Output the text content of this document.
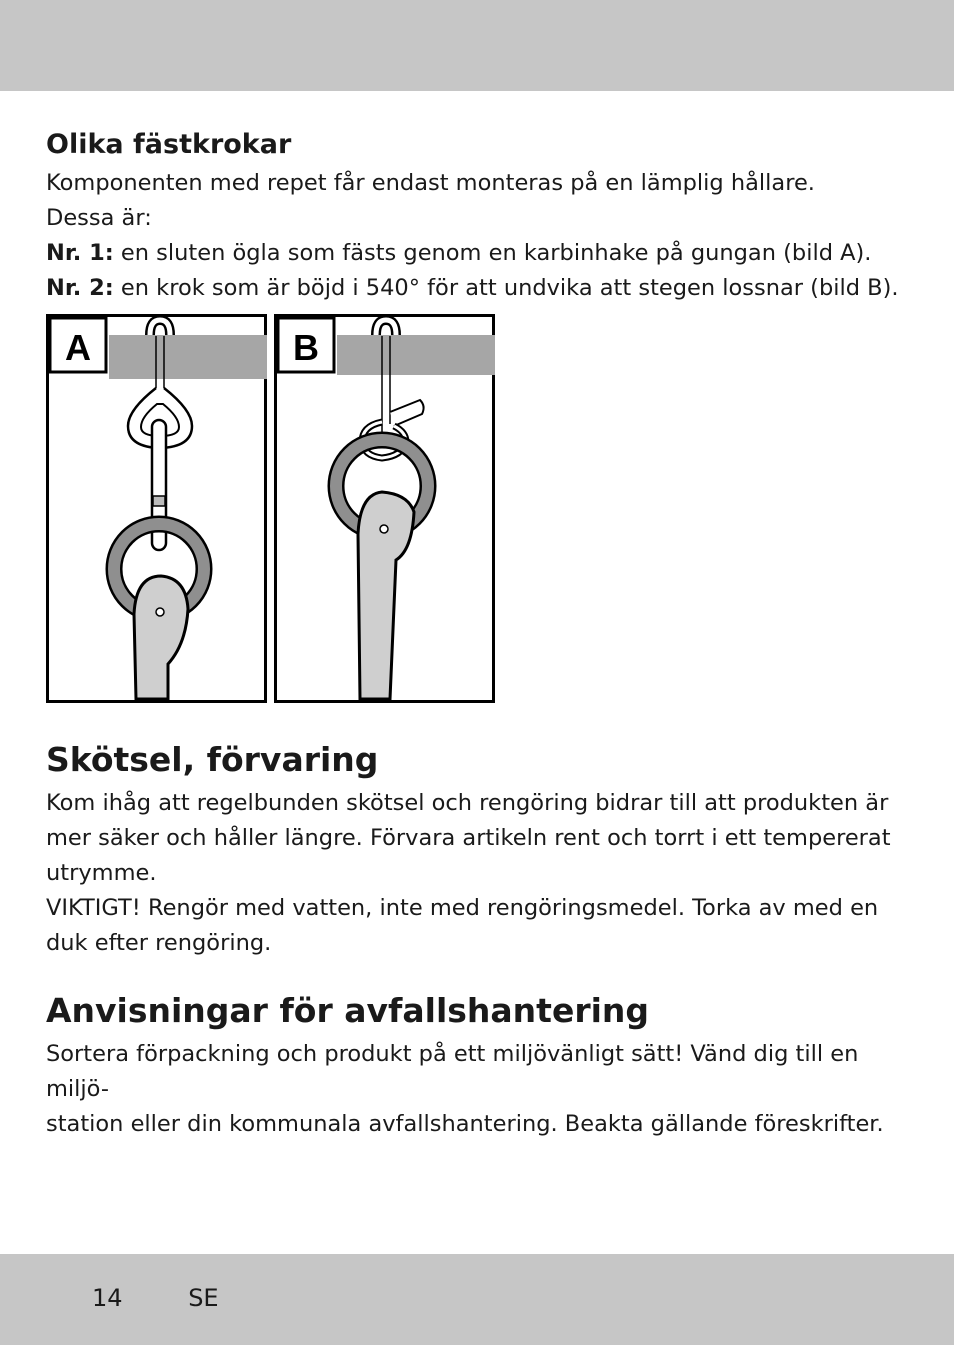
Olika fästkrokar
Komponenten med repet får endast monteras på en lämplig hållare.
Dessa är:
Nr. 1: en sluten ögla som fästs genom en karbinhake på gungan (bild A).
Nr. 2: en krok som är böjd i 540° för att undvika att stegen lossnar (bild B).
A	B
Skötsel, förvaring
Kom ihåg att regelbunden skötsel och rengöring bidrar till att produkten är
mer säker och håller längre. Förvara artikeln rent och torrt i ett tempererat
utrymme.
VIKTIGT! Rengör med vatten, inte med rengöringsmedel. Torka av med en
duk efter rengöring.
Anvisningar för avfallshantering
Sortera förpackning och produkt på ett miljövänligt sätt! Vänd dig till en miljö-
station eller din kommunala avfallshantering. Beakta gällande föreskrifter.
14	SE
